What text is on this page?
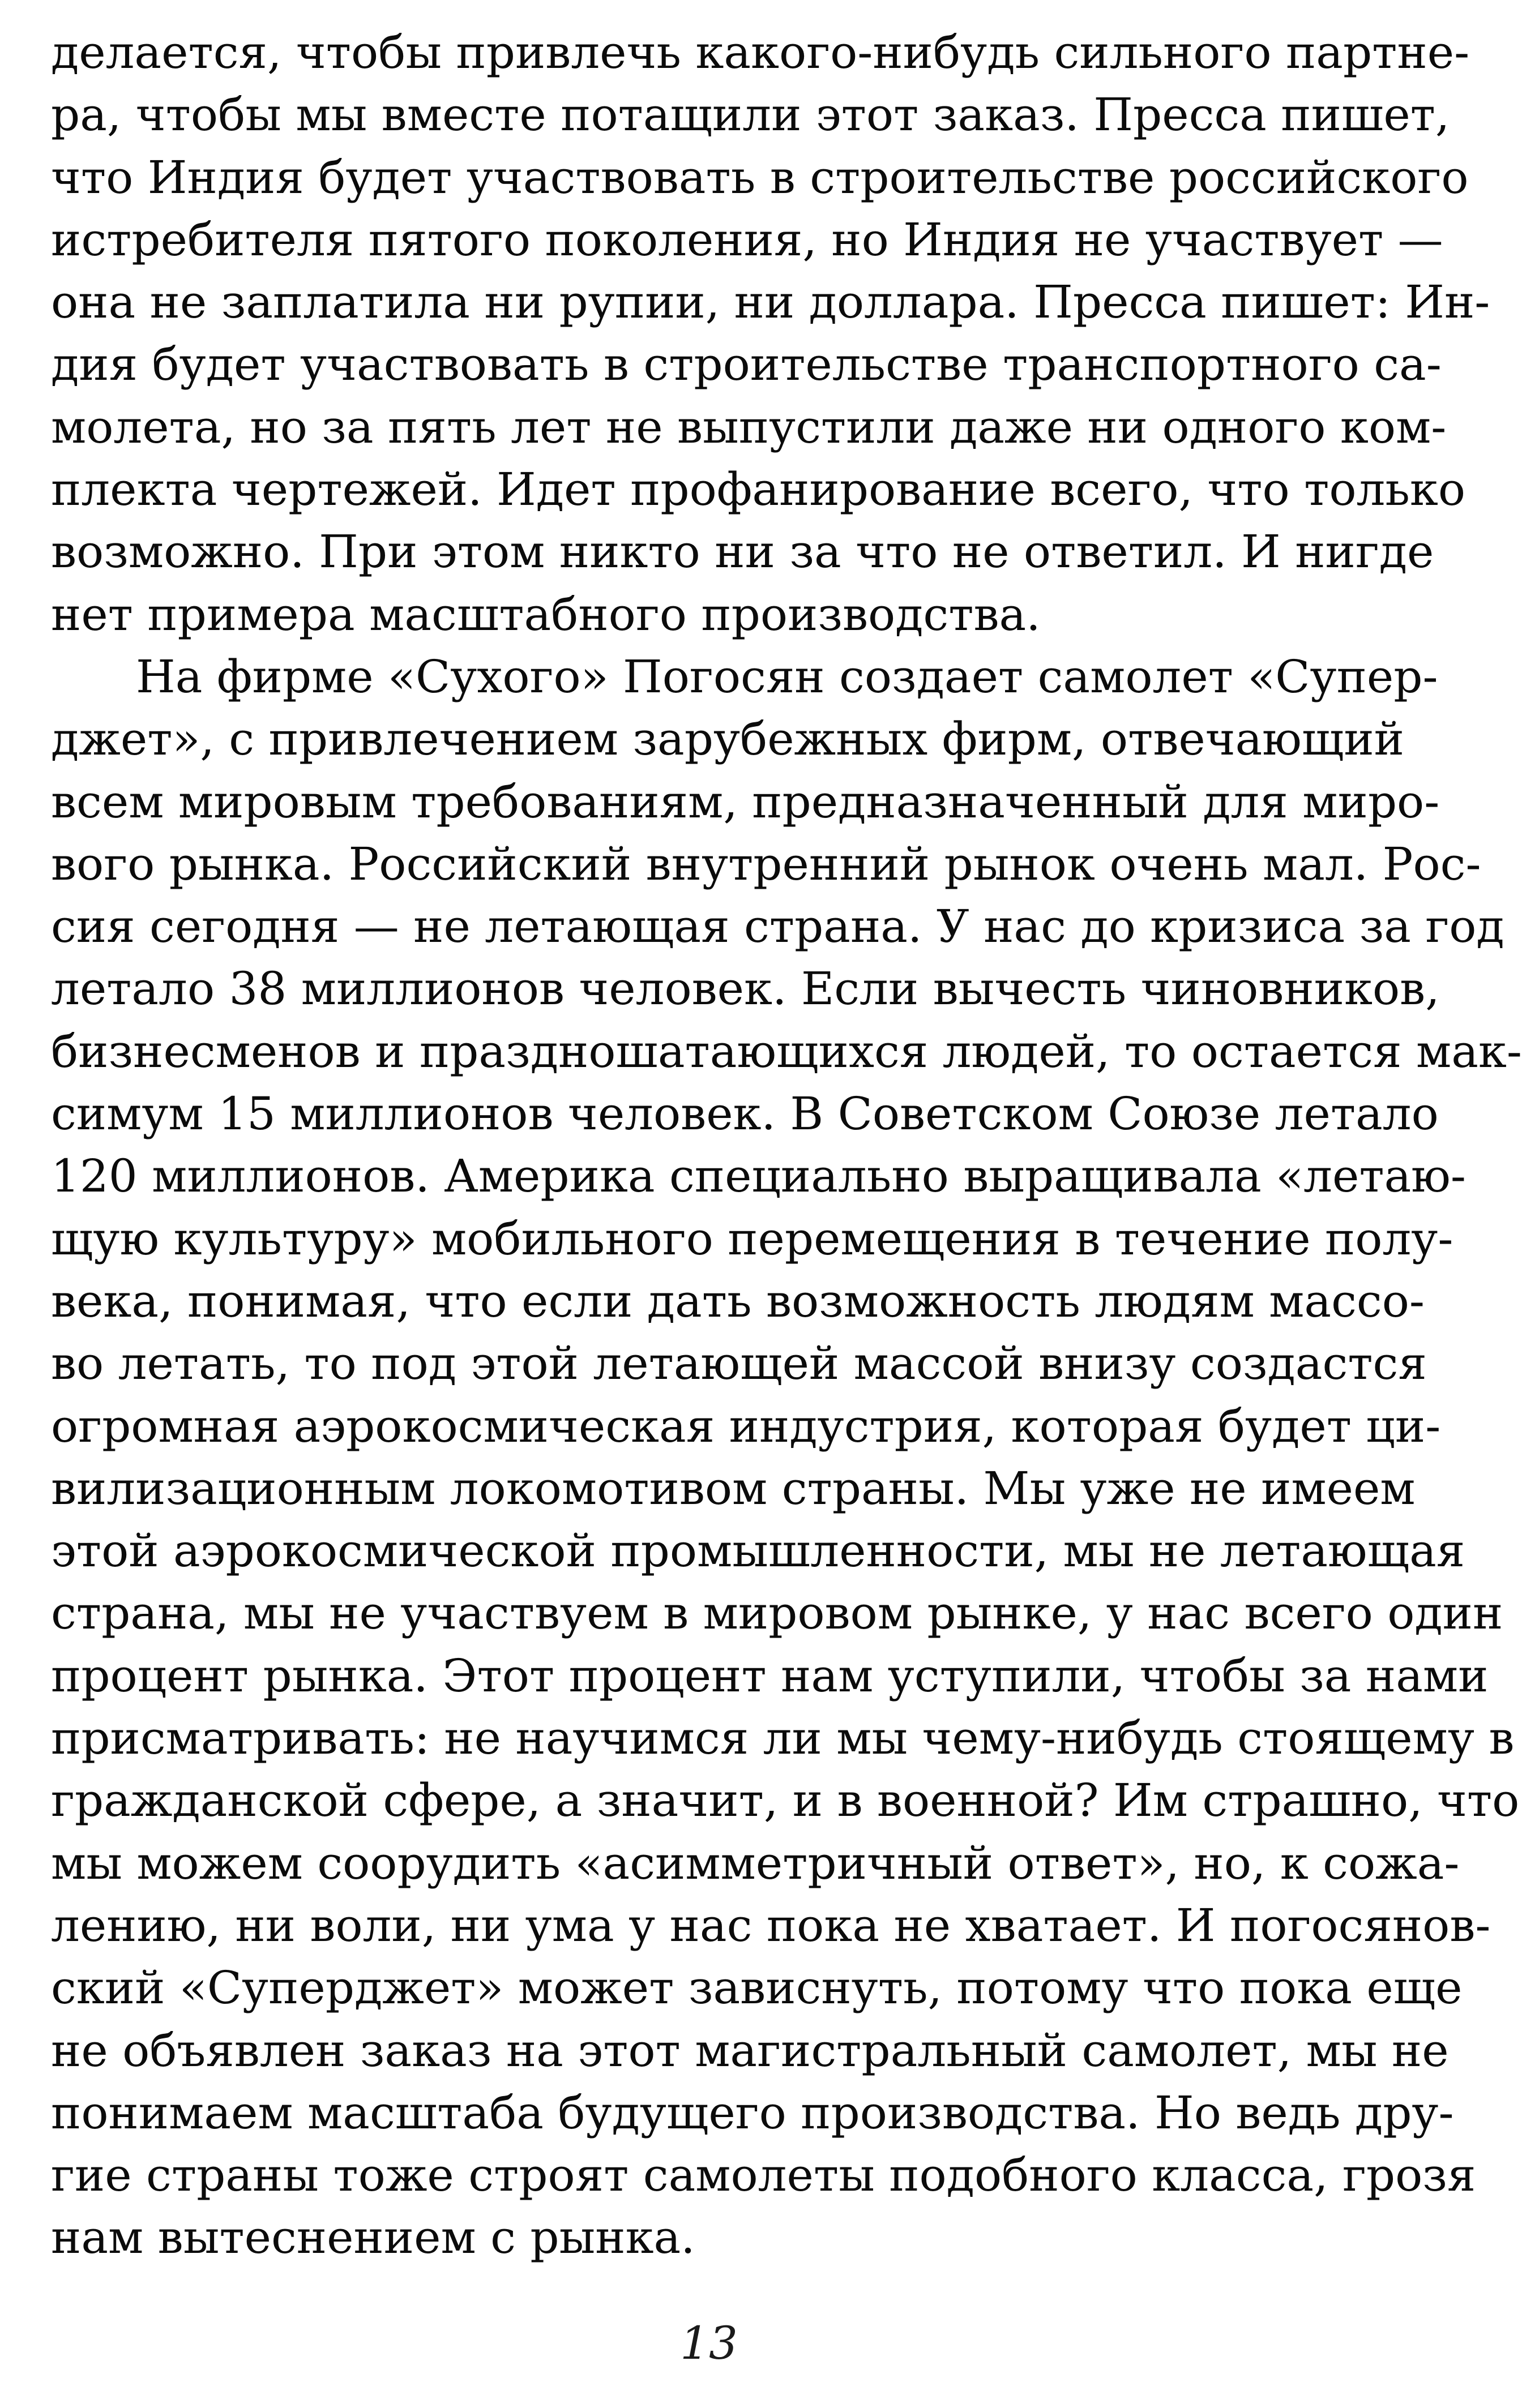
делается, чтобы привлечь какого-нибудь сильного партне-
ра, чтобы мы вместе потащили этот заказ. Пресса пишет,
что Индия будет участвовать в строительстве российского
истребителя пятого поколения, но Индия не участвует —
она не заплатила ни рупии, ни доллара. Пресса пишет: Ин-
дия будет участвовать в строительстве транспортного са-
молета, но за пять лет не выпустили даже ни одного ком-
плекта чертежей. Идет профанирование всего, что только
возможно. При этом никто ни за что не ответил. И нигде
нет примера масштабного производства.
На фирме «Сухого» Погосян создает самолет «Супер-
джет», с привлечением зарубежных фирм, отвечающий
всем мировым требованиям, предназначенный для миро-
вого рынка. Российский внутренний рынок очень мал. Рос-
сия сегодня — не летающая страна. У нас до кризиса за год
летало 38 миллионов человек. Если вычесть чиновников,
бизнесменов и праздношатающихся людей, то остается мак-
симум 15 миллионов человек. В Советском Союзе летало
120 миллионов. Америка специально выращивала «летаю-
щую культуру» мобильного перемещения в течение полу-
века, понимая, что если дать возможность людям массо-
во летать, то под этой летающей массой внизу создастся
огромная аэрокосмическая индустрия, которая будет ци-
вилизационным локомотивом страны. Мы уже не имеем
этой аэрокосмической промышленности, мы не летающая
страна, мы не участвуем в мировом рынке, у нас всего один
процент рынка. Этот процент нам уступили, чтобы за нами
присматривать: не научимся ли мы чему-нибудь стоящему в
гражданской сфере, а значит, и в военной? Им страшно, что
мы можем соорудить «асимметричный ответ», но, к сожа-
лению, ни воли, ни ума у нас пока не хватает. И погосянов-
ский «Суперджет» может зависнуть, потому что пока еще
не объявлен заказ на этот магистральный самолет, мы не
понимаем масштаба будущего производства. Но ведь дру-
гие страны тоже строят самолеты подобного класса, грозя
нам вытеснением с рынка.
13
